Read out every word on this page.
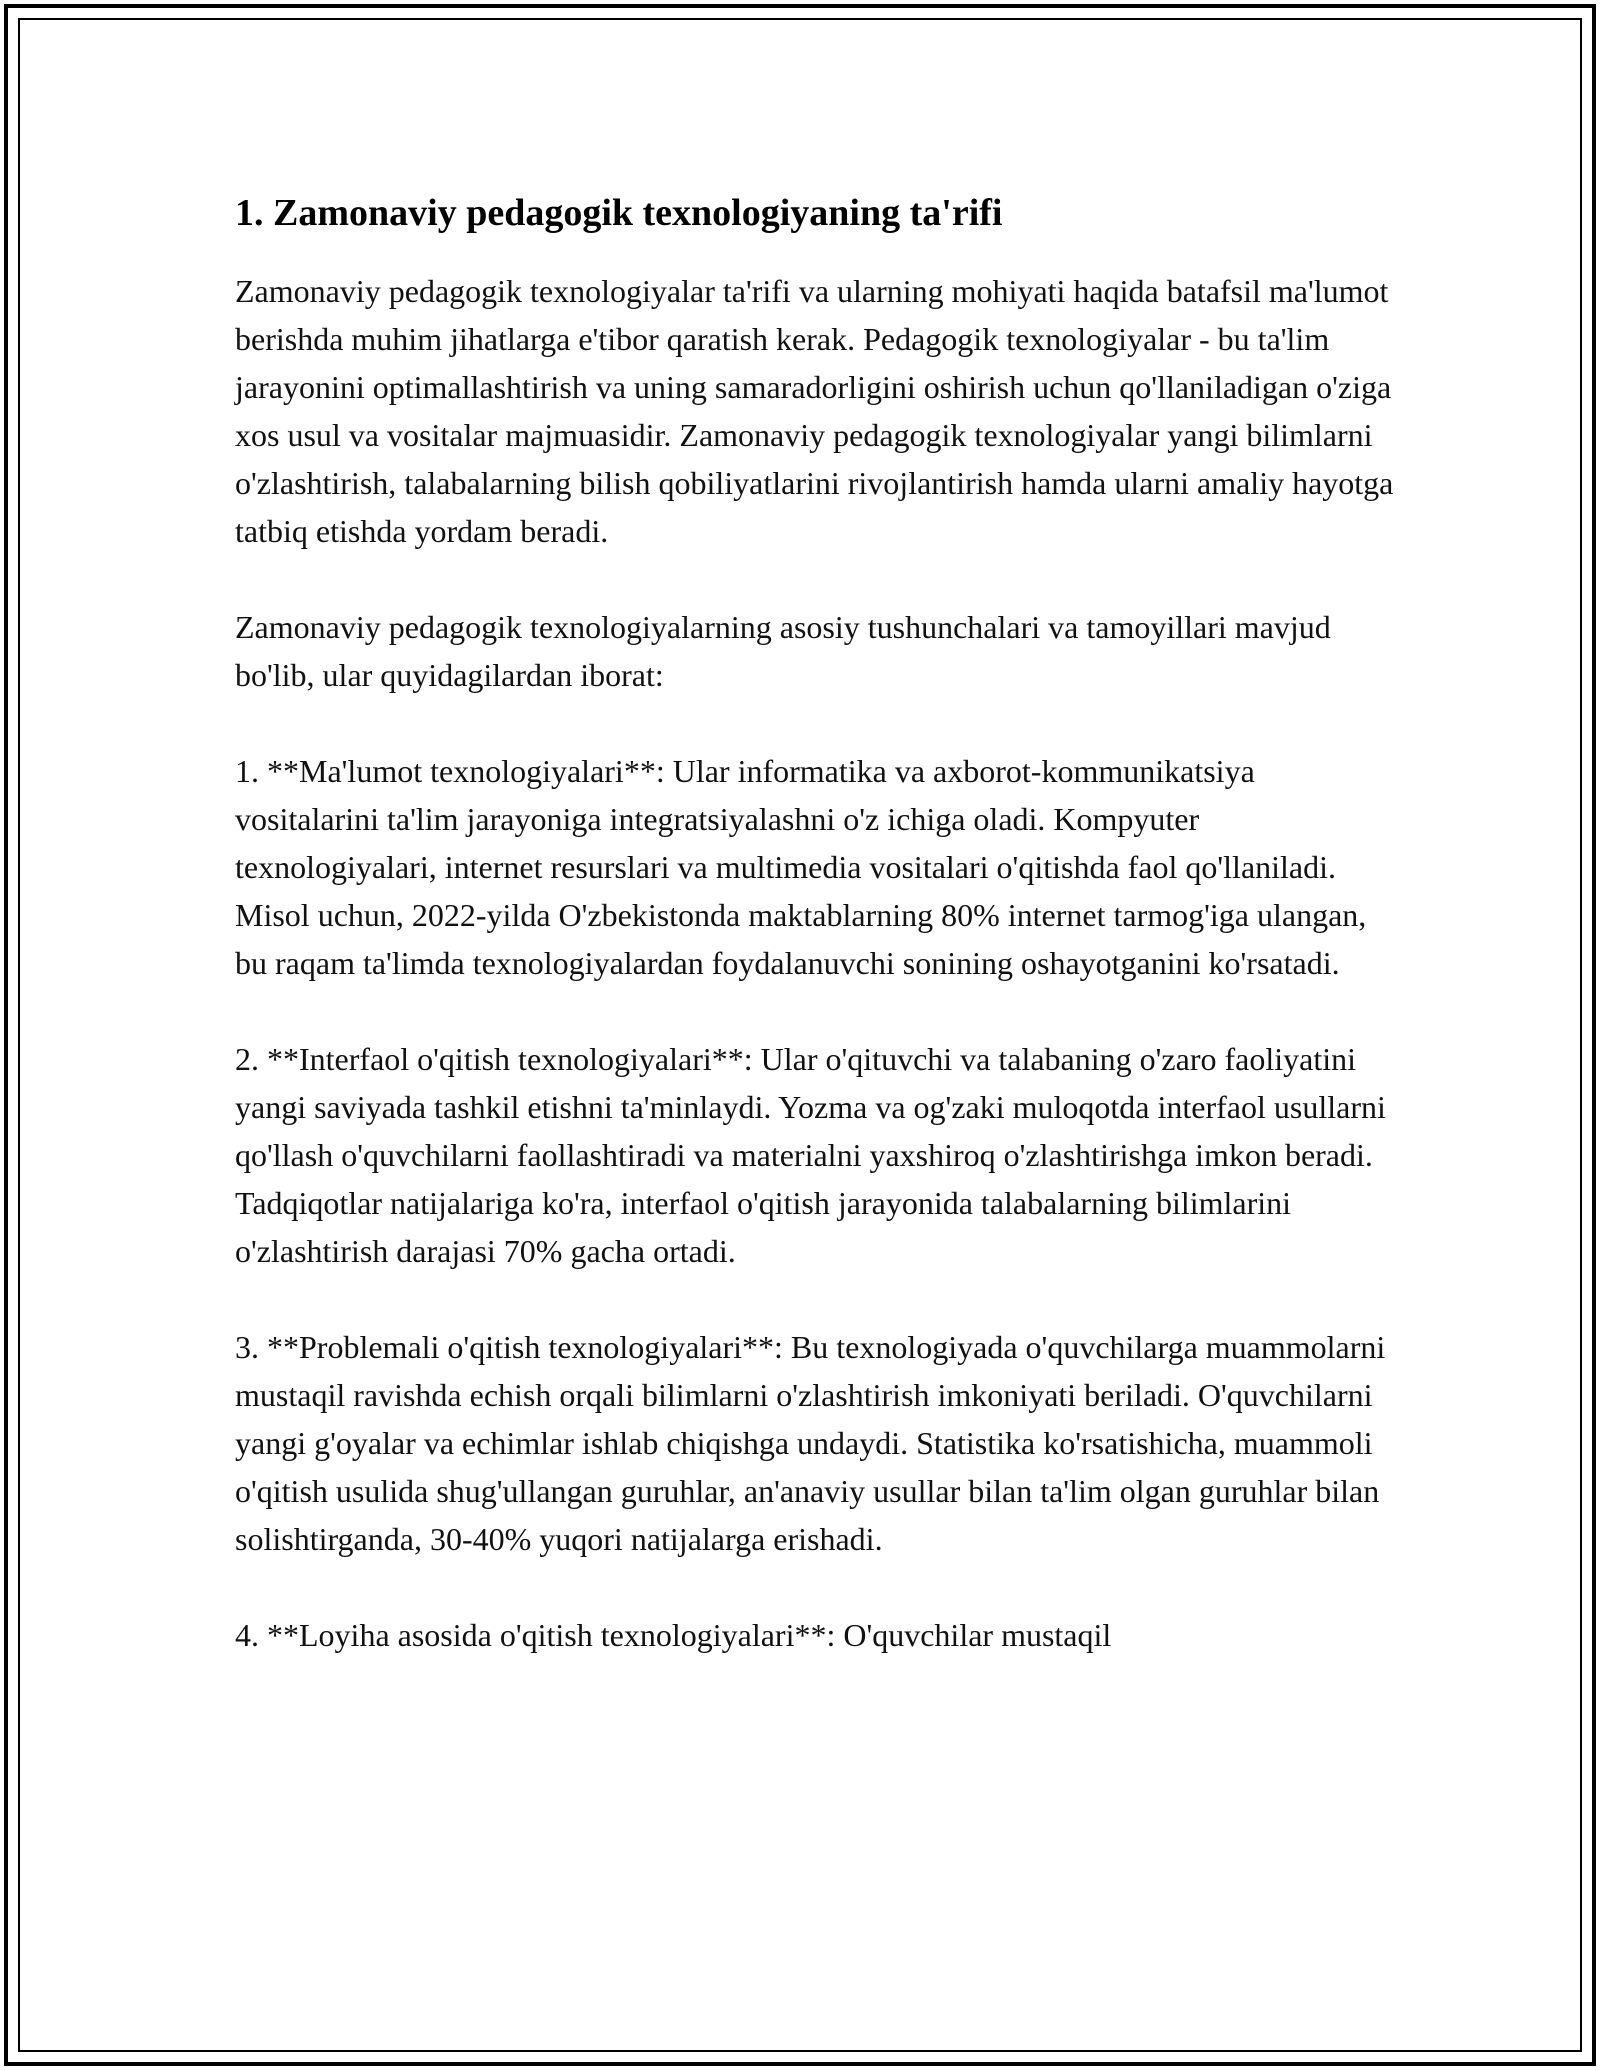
1. Zamonaviy pedagogik texnologiyaning ta'rifi

Zamonaviy pedagogik texnologiyalar ta'rifi va ularning mohiyati haqida batafsil ma'lumot berishda muhim jihatlarga e'tibor qaratish kerak. Pedagogik texnologiyalar - bu ta'lim jarayonini optimallashtirish va uning samaradorligini oshirish uchun qo'llaniladigan o'ziga xos usul va vositalar majmuasidir. Zamonaviy pedagogik texnologiyalar yangi bilimlarni o'zlashtirish, talabalarning bilish qobiliyatlarini rivojlantirish hamda ularni amaliy hayotga tatbiq etishda yordam beradi.

Zamonaviy pedagogik texnologiyalarning asosiy tushunchalari va tamoyillari mavjud bo'lib, ular quyidagilardan iborat:

1. **Ma'lumot texnologiyalari**: Ular informatika va axborot-kommunikatsiya vositalarini ta'lim jarayoniga integratsiyalashni o'z ichiga oladi. Kompyuter texnologiyalari, internet resurslari va multimedia vositalari o'qitishda faol qo'llaniladi. Misol uchun, 2022-yilda O'zbekistonda maktablarning 80% internet tarmog'iga ulangan, bu raqam ta'limda texnologiyalardan foydalanuvchi sonining oshayotganini ko'rsatadi.

2. **Interfaol o'qitish texnologiyalari**: Ular o'qituvchi va talabaning o'zaro faoliyatini yangi saviyada tashkil etishni ta'minlaydi. Yozma va og'zaki muloqotda interfaol usullarni qo'llash o'quvchilarni faollashtiradi va materialni yaxshiroq o'zlashtirishga imkon beradi. Tadqiqotlar natijalariga ko'ra, interfaol o'qitish jarayonida talabalarning bilimlarini o'zlashtirish darajasi 70% gacha ortadi.

3. **Problemali o'qitish texnologiyalari**: Bu texnologiyada o'quvchilarga muammolarni mustaqil ravishda echish orqali bilimlarni o'zlashtirish imkoniyati beriladi. O'quvchilarni yangi g'oyalar va echimlar ishlab chiqishga undaydi. Statistika ko'rsatishicha, muammoli o'qitish usulida shug'ullangan guruhlar, an'anaviy usullar bilan ta'lim olgan guruhlar bilan solishtirganda, 30-40% yuqori natijalarga erishadi.

4. **Loyiha asosida o'qitish texnologiyalari**: O'quvchilar mustaqil
